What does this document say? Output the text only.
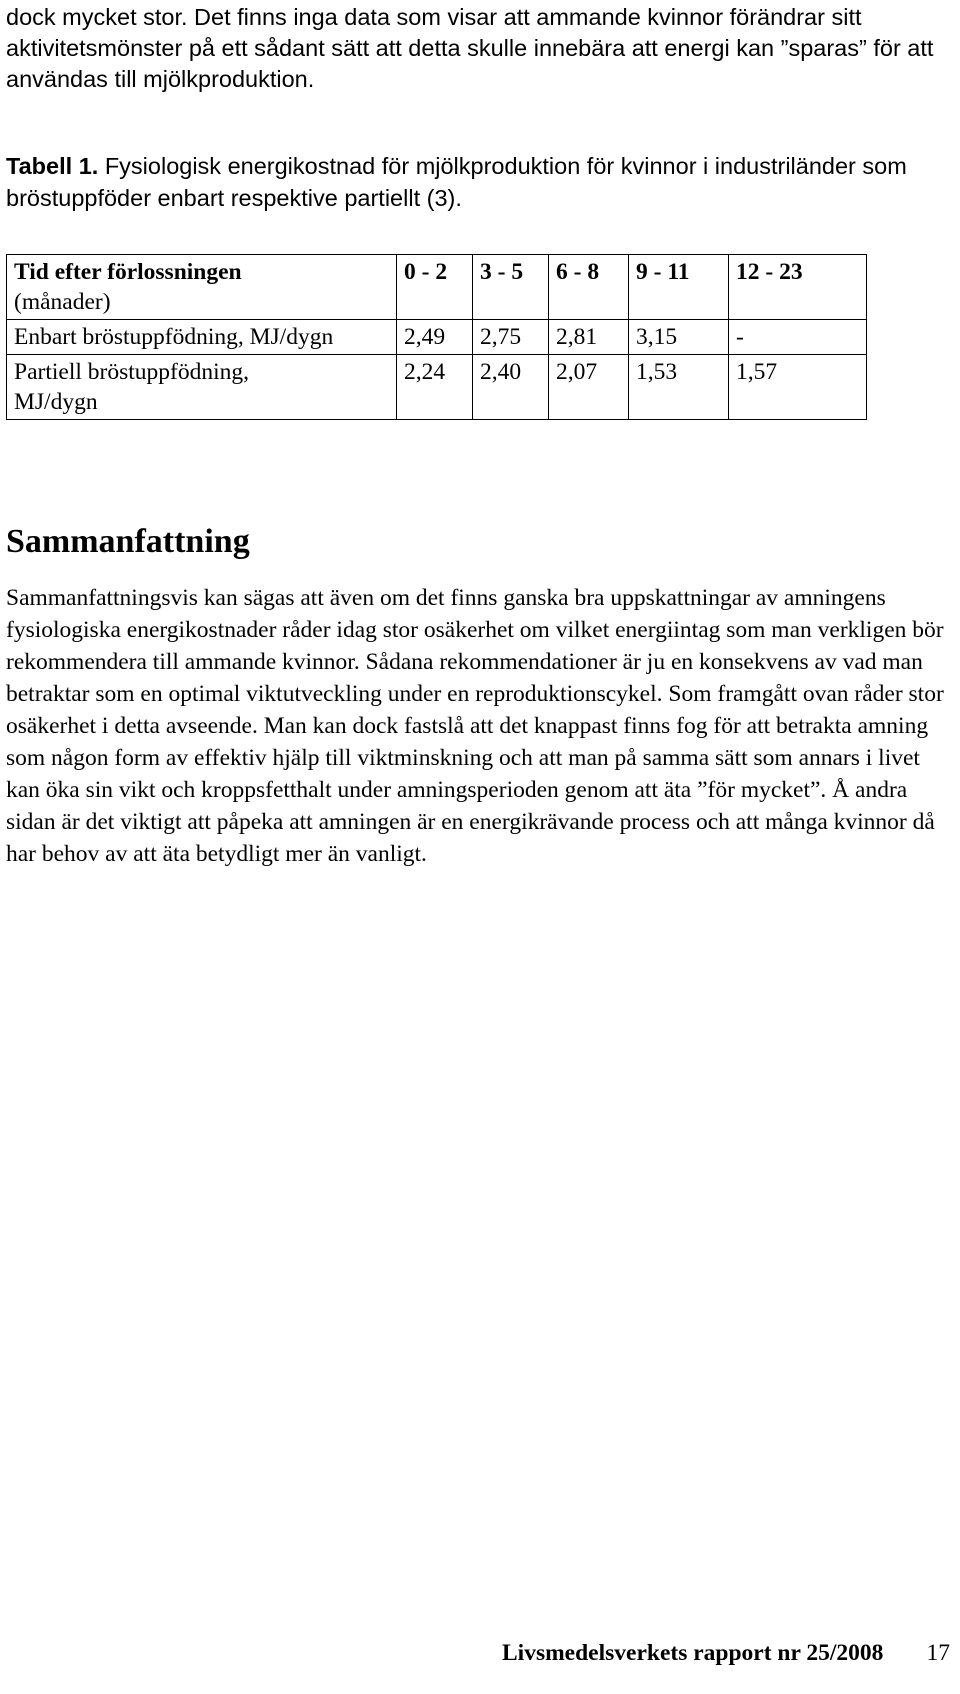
dock mycket stor. Det finns inga data som visar att ammande kvinnor förändrar sitt aktivitetsmönster på ett sådant sätt att detta skulle innebära att energi kan ”sparas” för att användas till mjölkproduktion.

Tabell 1. Fysiologisk energikostnad för mjölkproduktion för kvinnor i industriländer som bröstuppföder enbart respektive partiellt (3).

Tid efter förlossningen
(månader)	0 - 2	3 - 5	6 - 8	9 - 11	12 - 23
Enbart bröstuppfödning, MJ/dygn	2,49	2,75	2,81	3,15	-
Partiell bröstuppfödning, MJ/dygn	2,24	2,40	2,07	1,53	1,57
Sammanfattning

Sammanfattningsvis kan sägas att även om det finns ganska bra uppskattningar av amningens fysiologiska energikostnader råder idag stor osäkerhet om vilket energiintag som man verkligen bör rekommendera till ammande kvinnor. Sådana rekommendationer är ju en konsekvens av vad man betraktar som en optimal viktutveckling under en reproduktionscykel. Som framgått ovan råder stor osäkerhet i detta avseende. Man kan dock fastslå att det knappast finns fog för att betrakta amning som någon form av effektiv hjälp till viktminskning och att man på samma sätt som annars i livet kan öka sin vikt och kroppsfetthalt under amningsperioden genom att äta ”för mycket”. Å andra sidan är det viktigt att påpeka att amningen är en energikrävande process och att många kvinnor då har behov av att äta betydligt mer än vanligt.

Livsmedelsverkets rapport nr 25/2008 17
